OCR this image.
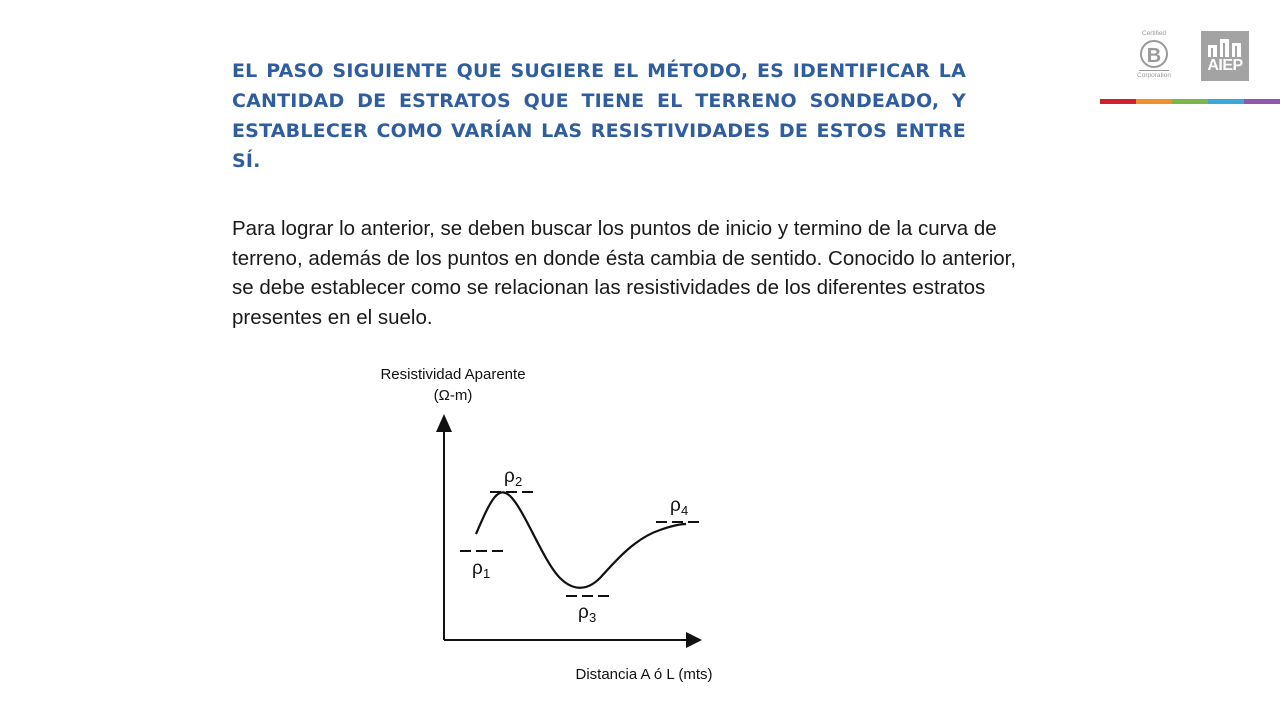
EL PASO SIGUIENTE QUE SUGIERE EL MÉTODO, ES IDENTIFICAR LA CANTIDAD DE ESTRATOS QUE TIENE EL TERRENO SONDEADO, Y ESTABLECER COMO VARÍAN LAS RESISTIVIDADES DE ESTOS ENTRE SÍ.

Para lograr lo anterior, se deben buscar los puntos de inicio y termino de la curva de terreno, además de los puntos en donde ésta cambia de sentido. Conocido lo anterior, se debe establecer como se relacionan las resistividades de los diferentes estratos presentes en el suelo.

Certified
B
Corporation
AIEP
Resistividad Aparente
(Ω-m)
ρ 1
ρ 2
ρ 3
ρ 4
Distancia A ó L (mts)
